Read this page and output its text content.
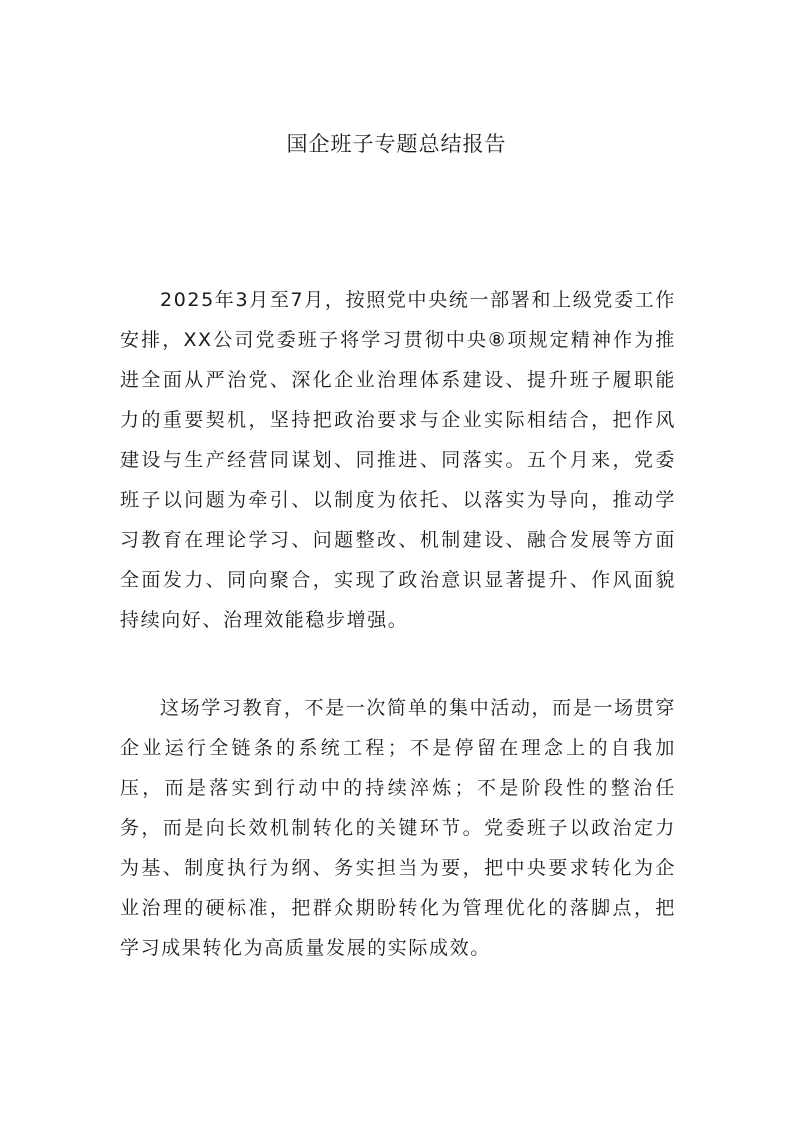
国企班子专题总结报告

2025年3月至7月，按照党中央统一部署和上级党委工作安排，XX公司党委班子将学习贯彻中央⑧项规定精神作为推进全面从严治党、深化企业治理体系建设、提升班子履职能力的重要契机，坚持把政治要求与企业实际相结合，把作风建设与生产经营同谋划、同推进、同落实。五个月来，党委班子以问题为牵引、以制度为依托、以落实为导向，推动学习教育在理论学习、问题整改、机制建设、融合发展等方面全面发力、同向聚合，实现了政治意识显著提升、作风面貌持续向好、治理效能稳步增强。

这场学习教育，不是一次简单的集中活动，而是一场贯穿企业运行全链条的系统工程；不是停留在理念上的自我加压，而是落实到行动中的持续淬炼；不是阶段性的整治任务，而是向长效机制转化的关键环节。党委班子以政治定力为基、制度执行为纲、务实担当为要，把中央要求转化为企业治理的硬标准，把群众期盼转化为管理优化的落脚点，把学习成果转化为高质量发展的实际成效。
